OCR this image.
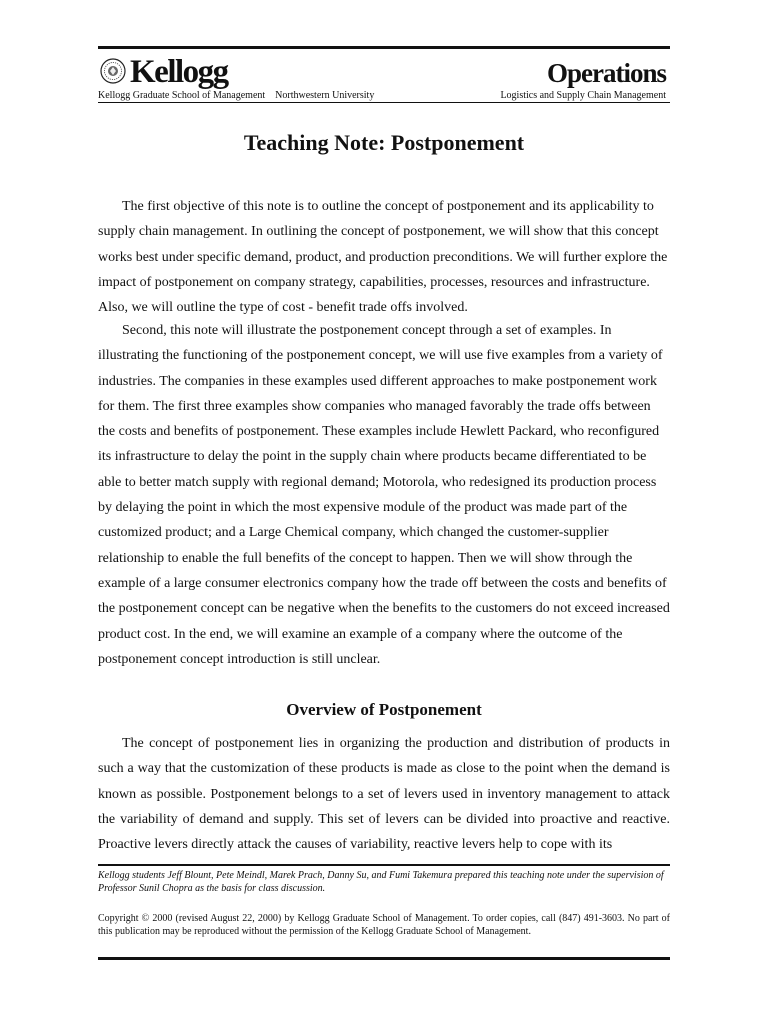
Kellogg	Operations
Kellogg Graduate School of Management    Northwestern University	Logistics and Supply Chain Management
Teaching Note: Postponement
The first objective of this note is to outline the concept of postponement and its applicability to supply chain management. In outlining the concept of postponement, we will show that this concept works best under specific demand, product, and production preconditions. We will further explore the impact of postponement on company strategy, capabilities, processes, resources and infrastructure. Also, we will outline the type of cost - benefit trade offs involved.
Second, this note will illustrate the postponement concept through a set of examples. In illustrating the functioning of the postponement concept, we will use five examples from a variety of industries. The companies in these examples used different approaches to make postponement work for them. The first three examples show companies who managed favorably the trade offs between the costs and benefits of postponement. These examples include Hewlett Packard, who reconfigured its infrastructure to delay the point in the supply chain where products became differentiated to be able to better match supply with regional demand; Motorola, who redesigned its production process by delaying the point in which the most expensive module of the product was made part of the customized product; and a Large Chemical company, which changed the customer-supplier relationship to enable the full benefits of the concept to happen. Then we will show through the example of a large consumer electronics company how the trade off between the costs and benefits of the postponement concept can be negative when the benefits to the customers do not exceed increased product cost. In the end, we will examine an example of a company where the outcome of the postponement concept introduction is still unclear.
Overview of Postponement
The concept of postponement lies in organizing the production and distribution of products in such a way that the customization of these products is made as close to the point when the demand is known as possible. Postponement belongs to a set of levers used in inventory management to attack the variability of demand and supply. This set of levers can be divided into proactive and reactive. Proactive levers directly attack the causes of variability, reactive levers help to cope with its
Kellogg students Jeff Blount, Pete Meindl, Marek Prach, Danny Su, and Fumi Takemura prepared this teaching note under the supervision of Professor Sunil Chopra as the basis for class discussion.
Copyright © 2000 (revised August 22, 2000) by Kellogg Graduate School of Management. To order copies, call (847) 491-3603. No part of this publication may be reproduced without the permission of the Kellogg Graduate School of Management.
